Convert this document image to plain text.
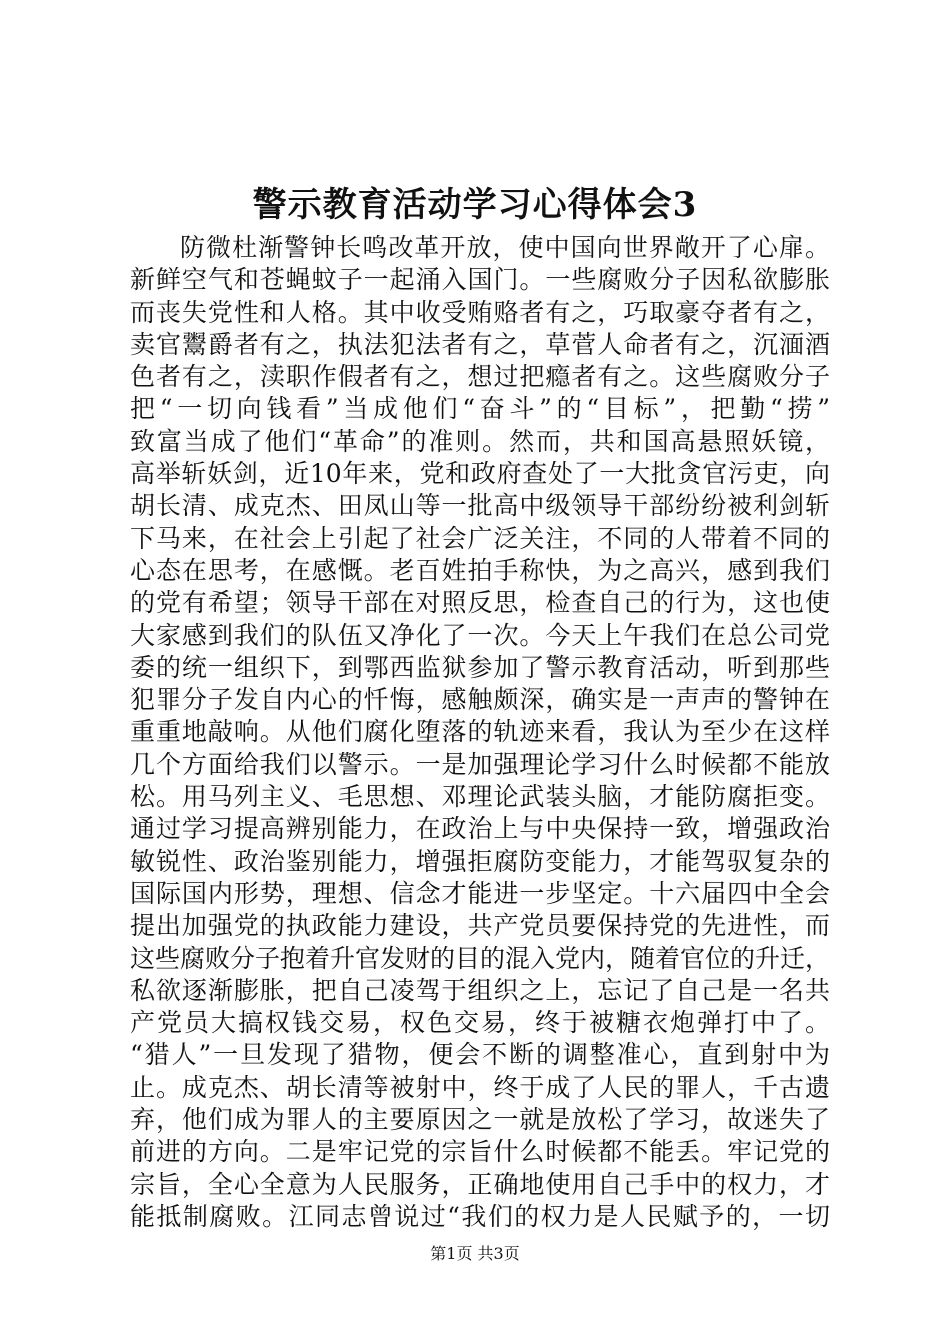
警示教育活动学习心得体会3
防微杜渐警钟长鸣改革开放，使中国向世界敞开了心扉。
新鲜空气和苍蝇蚊子一起涌入国门。一些腐败分子因私欲膨胀
而丧失党性和人格。其中收受贿赂者有之，巧取豪夺者有之，
卖官鬻爵者有之，执法犯法者有之，草菅人命者有之，沉湎酒
色者有之，渎职作假者有之，想过把瘾者有之。这些腐败分子
把“一切向钱看”当成他们“奋斗”的“目标”，把勤“捞”
致富当成了他们“革命”的准则。然而，共和国高悬照妖镜，
高举斩妖剑，近10年来，党和政府查处了一大批贪官污吏，向
胡长清、成克杰、田凤山等一批高中级领导干部纷纷被利剑斩
下马来，在社会上引起了社会广泛关注，不同的人带着不同的
心态在思考，在感慨。老百姓拍手称快，为之高兴，感到我们
的党有希望；领导干部在对照反思，检查自己的行为，这也使
大家感到我们的队伍又净化了一次。今天上午我们在总公司党
委的统一组织下，到鄂西监狱参加了警示教育活动，听到那些
犯罪分子发自内心的忏悔，感触颇深，确实是一声声的警钟在
重重地敲响。从他们腐化堕落的轨迹来看，我认为至少在这样
几个方面给我们以警示。一是加强理论学习什么时候都不能放
松。用马列主义、毛思想、邓理论武装头脑，才能防腐拒变。
通过学习提高辨别能力，在政治上与中央保持一致，增强政治
敏锐性、政治鉴别能力，增强拒腐防变能力，才能驾驭复杂的
国际国内形势，理想、信念才能进一步坚定。十六届四中全会
提出加强党的执政能力建设，共产党员要保持党的先进性，而
这些腐败分子抱着升官发财的目的混入党内，随着官位的升迁，
私欲逐渐膨胀，把自己凌驾于组织之上，忘记了自己是一名共
产党员大搞权钱交易，权色交易，终于被糖衣炮弹打中了。
“猎人”一旦发现了猎物，便会不断的调整准心，直到射中为
止。成克杰、胡长清等被射中，终于成了人民的罪人，千古遗
弃，他们成为罪人的主要原因之一就是放松了学习，故迷失了
前进的方向。二是牢记党的宗旨什么时候都不能丢。牢记党的
宗旨，全心全意为人民服务，正确地使用自己手中的权力，才
能抵制腐败。江同志曾说过“我们的权力是人民赋予的，一切
第1页 共3页
